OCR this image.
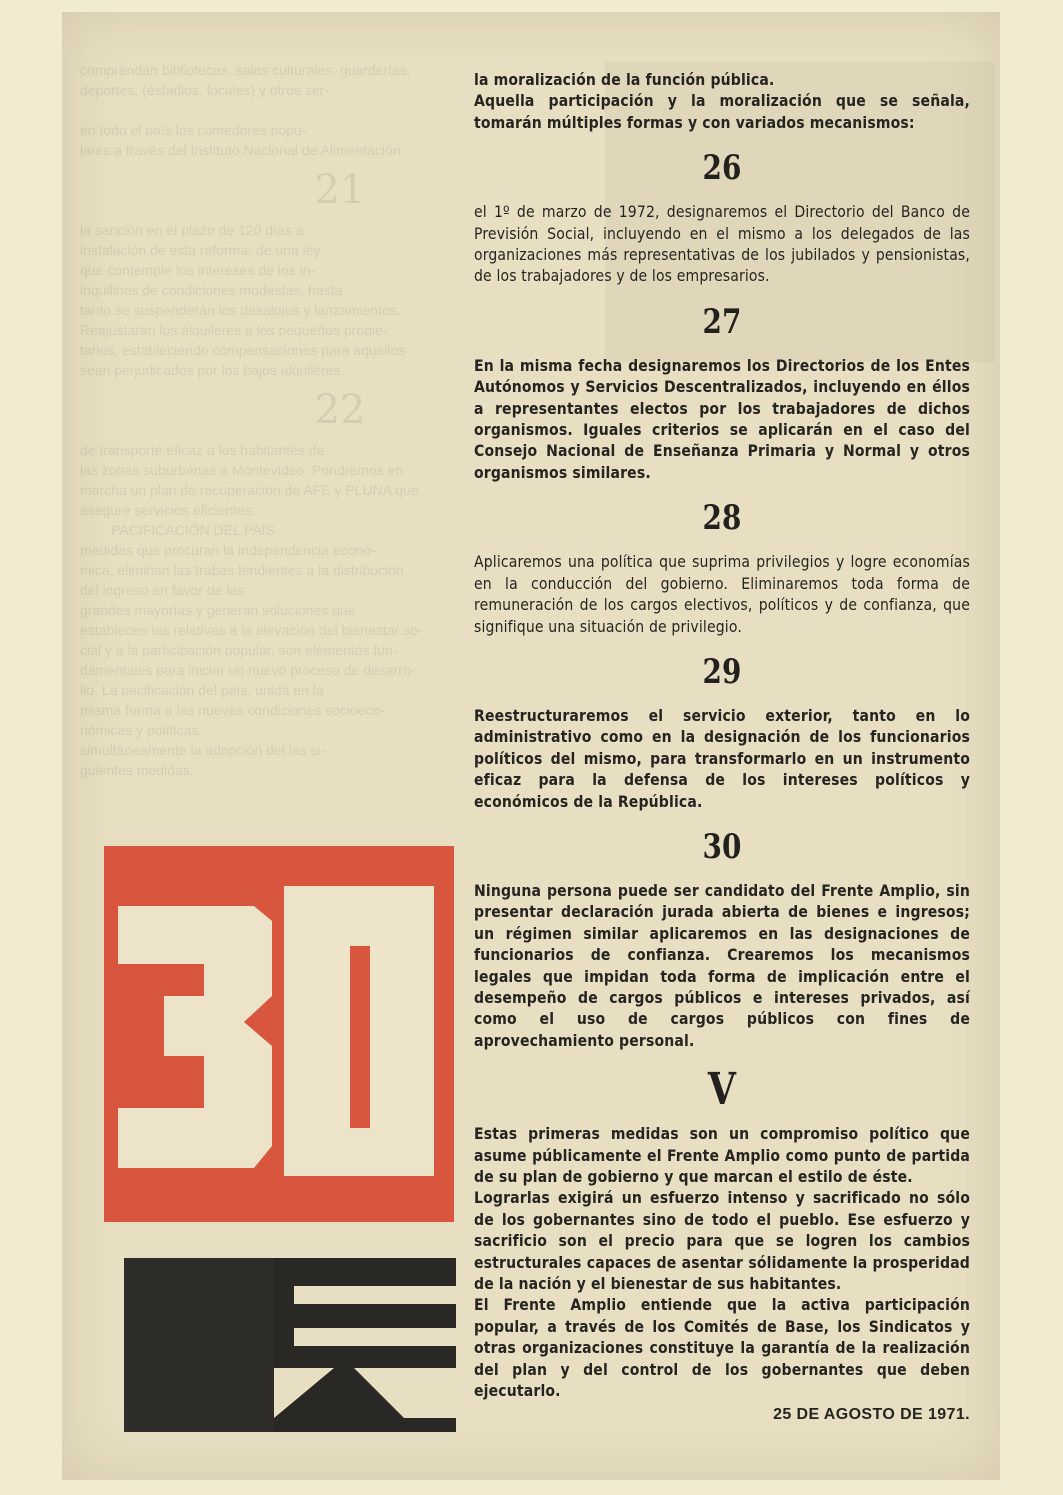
comprendan bibliotecas, salas culturales, guarderías,
deportes, (estadios, locales) y otros ser-

en todo el país los comedores popu-
lares a través del Instituto Nacional de Alimentación.
21
la sanción en el plazo de 120 días a
instalación de esta reforma, de una ley
que contemple los intereses de los in-
inquilinos de condiciones modestas, hasta
tanto se suspenderán los desalojos y lanzamientos.
Reajustarán los alquileres a los pequeños propie-
tarios, estableciendo compensaciones para aquellos
sean perjudicados por los bajos alquileres.
22
de transporte eficaz a los habitantes de
las zonas suburbanas a Montevideo. Pondremos en
marcha un plan de recuperación de AFE y PLUNA que
asegure servicios eficientes.
PACIFICACIÓN DEL PAÍS
medidas que procuran la independencia econó-
mica, eliminan las trabas tendientes a la distribución
del ingreso en favor de las
grandes mayorías y generan soluciones que
establecen las relativas a la elevación del bienestar so-
cial y a la participación popular, son elementos fun-
damentales para iniciar un nuevo proceso de desarro-
llo. La pacificación del país, unida en la
misma forma a las nuevas condiciones socioeco-
nómicas y políticas.
simultáneamente la adopción del las si-
guientes medidas:

la moralización de la función pública.

Aquella participación y la moralización que se señala, tomarán múltiples formas y con variados mecanismos:

26

el 1º de marzo de 1972, designaremos el Directorio del Banco de Previsión Social, incluyendo en el mismo a los delegados de las organizaciones más representativas de los jubilados y pensionistas, de los trabajadores y de los empresarios.

27

En la misma fecha designaremos los Directorios de los Entes Autónomos y Servicios Descentralizados, incluyendo en éllos a representantes electos por los trabajadores de dichos organismos. Iguales criterios se aplicarán en el caso del Consejo Nacional de Enseñanza Primaria y Normal y otros organismos similares.

28

Aplicaremos una política que suprima privilegios y logre economías en la conducción del gobierno. Eliminaremos toda forma de remuneración de los cargos electivos, políticos y de confianza, que signifique una situación de privilegio.

29

Reestructuraremos el servicio exterior, tanto en lo administrativo como en la designación de los funcionarios políticos del mismo, para transformarlo en un instrumento eficaz para la defensa de los intereses políticos y económicos de la República.

30

Ninguna persona puede ser candidato del Frente Amplio, sin presentar declaración jurada abierta de bienes e ingresos; un régimen similar aplicaremos en las designaciones de funcionarios de confianza. Crearemos los mecanismos legales que impidan toda forma de implicación entre el desempeño de cargos públicos e intereses privados, así como el uso de cargos públicos con fines de aprovechamiento personal.

V

Estas primeras medidas son un compromiso político que asume públicamente el Frente Amplio como punto de partida de su plan de gobierno y que marcan el estilo de éste.

Lograrlas exigirá un esfuerzo intenso y sacrificado no sólo de los gobernantes sino de todo el pueblo. Ese esfuerzo y sacrificio son el precio para que se logren los cambios estructurales capaces de asentar sólidamente la prosperidad de la nación y el bienestar de sus habitantes.

El Frente Amplio entiende que la activa participación popular, a través de los Comités de Base, los Sindicatos y otras organizaciones constituye la garantía de la realización del plan y del control de los gobernantes que deben ejecutarlo.

25 DE AGOSTO DE 1971.
